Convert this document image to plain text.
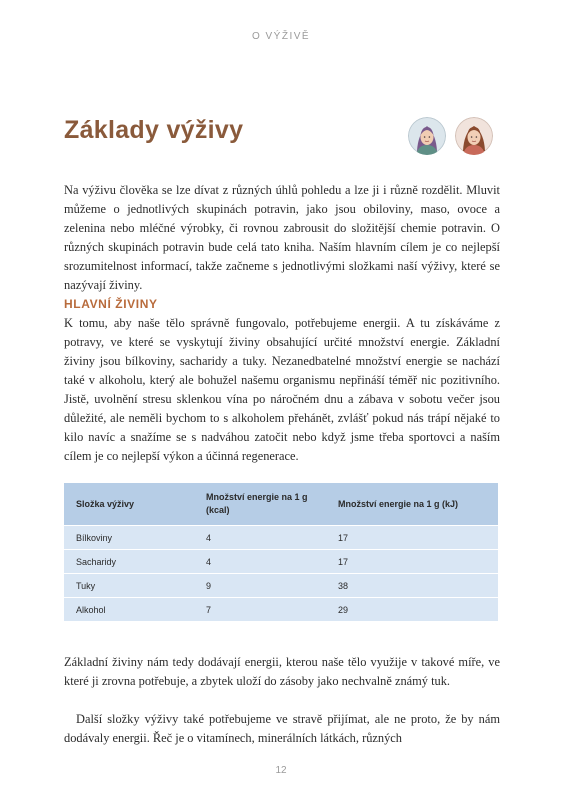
O VÝŽIVĚ
Základy výživy

Na výživu člověka se lze dívat z různých úhlů pohledu a lze ji i různě rozdělit. Mluvit můžeme o jednotlivých skupinách potravin, jako jsou obiloviny, maso, ovoce a zelenina nebo mléčné výrobky, či rovnou zabrousit do složitější chemie potravin. O různých skupinách potravin bude celá tato kniha. Naším hlavním cílem je co nejlepší srozumitelnost informací, takže začneme s jednotlivými složkami naší výživy, které se nazývají živiny.

HLAVNÍ ŽIVINY

K tomu, aby naše tělo správně fungovalo, potřebujeme energii. A tu získáváme z potravy, ve které se vyskytují živiny obsahující určité množství energie. Základní živiny jsou bílkoviny, sacharidy a tuky. Nezanedbatelné množství energie se nachází také v alkoholu, který ale bohužel našemu organismu nepřináší téměř nic pozitivního. Jistě, uvolnění stresu sklenkou vína po náročném dnu a zábava v sobotu večer jsou důležité, ale neměli bychom to s alkoholem přehánět, zvlášť pokud nás trápí nějaké to kilo navíc a snažíme se s nadváhou zatočit nebo když jsme třeba sportovci a naším cílem je co nejlepší výkon a účinná regenerace.

Složka výživy	Množství energie na 1 g (kcal)	Množství energie na 1 g (kJ)
Bílkoviny	4	17
Sacharidy	4	17
Tuky	9	38
Alkohol	7	29

Základní živiny nám tedy dodávají energii, kterou naše tělo využije v takové míře, ve které ji zrovna potřebuje, a zbytek uloží do zásoby jako nechvalně známý tuk.

Další složky výživy také potřebujeme ve stravě přijímat, ale ne proto, že by nám dodávaly energii. Řeč je o vitamínech, minerálních látkách, různých

12
